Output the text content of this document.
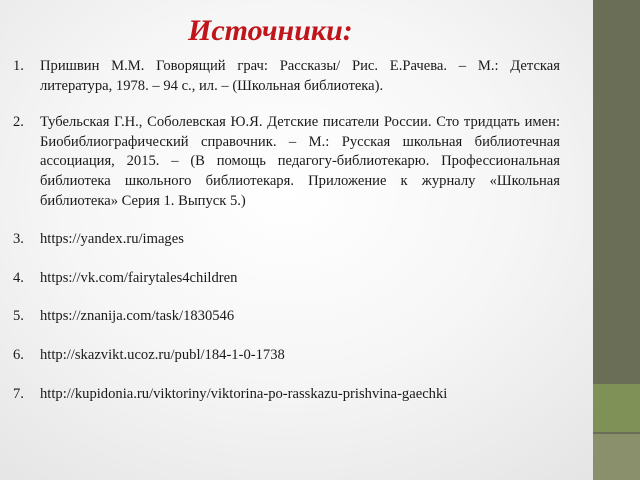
Источники:
1. Пришвин М.М. Говорящий грач: Рассказы/ Рис. Е.Рачева. – М.: Детская литература, 1978. – 94 с., ил. – (Школьная библиотека).
2. Тубельская Г.Н., Соболевская Ю.Я. Детские писатели России. Сто тридцать имен: Биобиблиографический справочник. – М.: Русская школьная библиотечная ассоциация, 2015. – (В помощь педагогу-библиотекарю. Профессиональная библиотека школьного библиотекаря. Приложение к журналу «Школьная библиотека» Серия 1. Выпуск 5.)
3. https://yandex.ru/images
4. https://vk.com/fairytales4children
5. https://znanija.com/task/1830546
6. http://skazvikt.ucoz.ru/publ/184-1-0-1738
7. http://kupidonia.ru/viktoriny/viktorina-po-rasskazu-prishvina-gaechki
